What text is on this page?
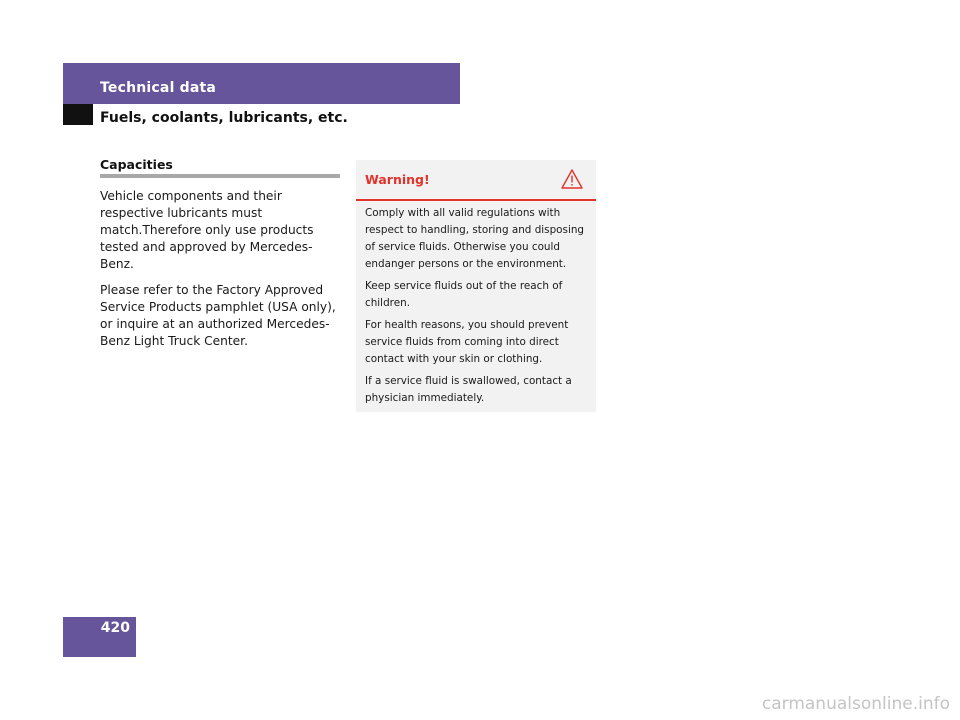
Technical data
Fuels, coolants, lubricants, etc.
Capacities

Vehicle components and their respective lubricants must match.Therefore only use products tested and approved by Mercedes-Benz.

Please refer to the Factory Approved Service Products pamphlet (USA only), or inquire at an authorized Mercedes-Benz Light Truck Center.

Warning!

Comply with all valid regulations with respect to handling, storing and disposing of service fluids. Otherwise you could endanger persons or the environment.

Keep service fluids out of the reach of children.

For health reasons, you should prevent service fluids from coming into direct contact with your skin or clothing.

If a service fluid is swallowed, contact a physician immediately.

420
carmanualsonline.info
